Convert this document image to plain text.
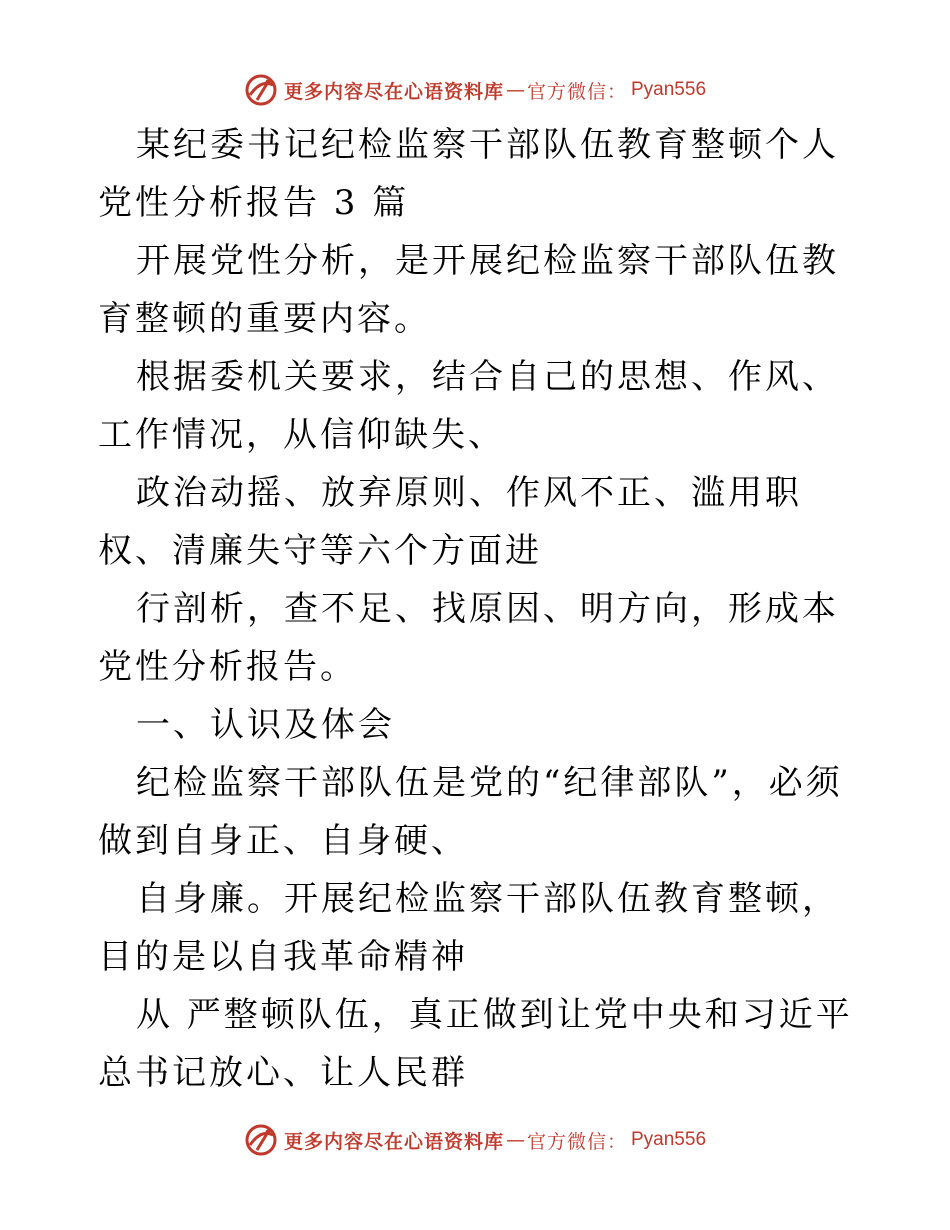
更多内容尽在心语资料库 — 官方微信： Pyan556

某纪委书记纪检监察干部队伍教育整顿个人党性分析报告 3 篇

开展党性分析，是开展纪检监察干部队伍教育整顿的重要内容。

根据委机关要求，结合自己的思想、作风、工作情况，从信仰缺失、

政治动摇、放弃原则、作风不正、滥用职权、清廉失守等六个方面进

行剖析，查不足、找原因、明方向，形成本党性分析报告。

一、认识及体会

纪检监察干部队伍是党的“纪律部队”，必须做到自身正、自身硬、

自身廉。开展纪检监察干部队伍教育整顿，目的是以自我革命精神

从 严整顿队伍，真正做到让党中央和习近平总书记放心、让人民群

更多内容尽在心语资料库 — 官方微信： Pyan556
